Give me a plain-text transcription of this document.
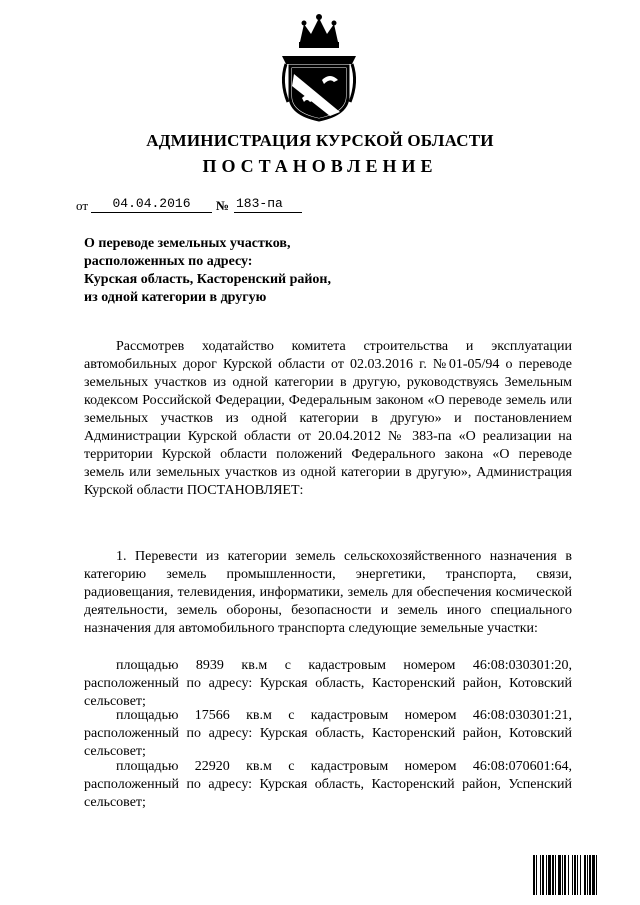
АДМИНИСТРАЦИЯ КУРСКОЙ ОБЛАСТИ
ПОСТАНОВЛЕНИЕ
от	04.04.2016	№ 183-па
О переводе земельных участков,
расположенных по адресу:
Курская область, Касторенский район,
из одной категории в другую

Рассмотрев ходатайство комитета строительства и эксплуатации автомобильных дорог Курской области от 02.03.2016 г. №01-05/94 о переводе земельных участков из одной категории в другую, руководствуясь Земельным кодексом Российской Федерации, Федеральным законом «О переводе земель или земельных участков из одной категории в другую» и постановлением Администрации Курской области от 20.04.2012 № 383-па «О реализации на территории Курской области положений Федерального закона «О переводе земель или земельных участков из одной категории в другую», Администрация Курской области ПОСТАНОВЛЯЕТ:

1. Перевести из категории земель сельскохозяйственного назначения в категорию земель промышленности, энергетики, транспорта, связи, радиовещания, телевидения, информатики, земель для обеспечения космической деятельности, земель обороны, безопасности и земель иного специального назначения для автомобильного транспорта следующие земельные участки:

площадью 8939 кв.м с кадастровым номером 46:08:030301:20, расположенный по адресу: Курская область, Касторенский район, Котовский сельсовет;

площадью 17566 кв.м с кадастровым номером 46:08:030301:21, расположенный по адресу: Курская область, Касторенский район, Котовский сельсовет;

площадью 22920 кв.м с кадастровым номером 46:08:070601:64, расположенный по адресу: Курская область, Касторенский район, Успенский сельсовет;
